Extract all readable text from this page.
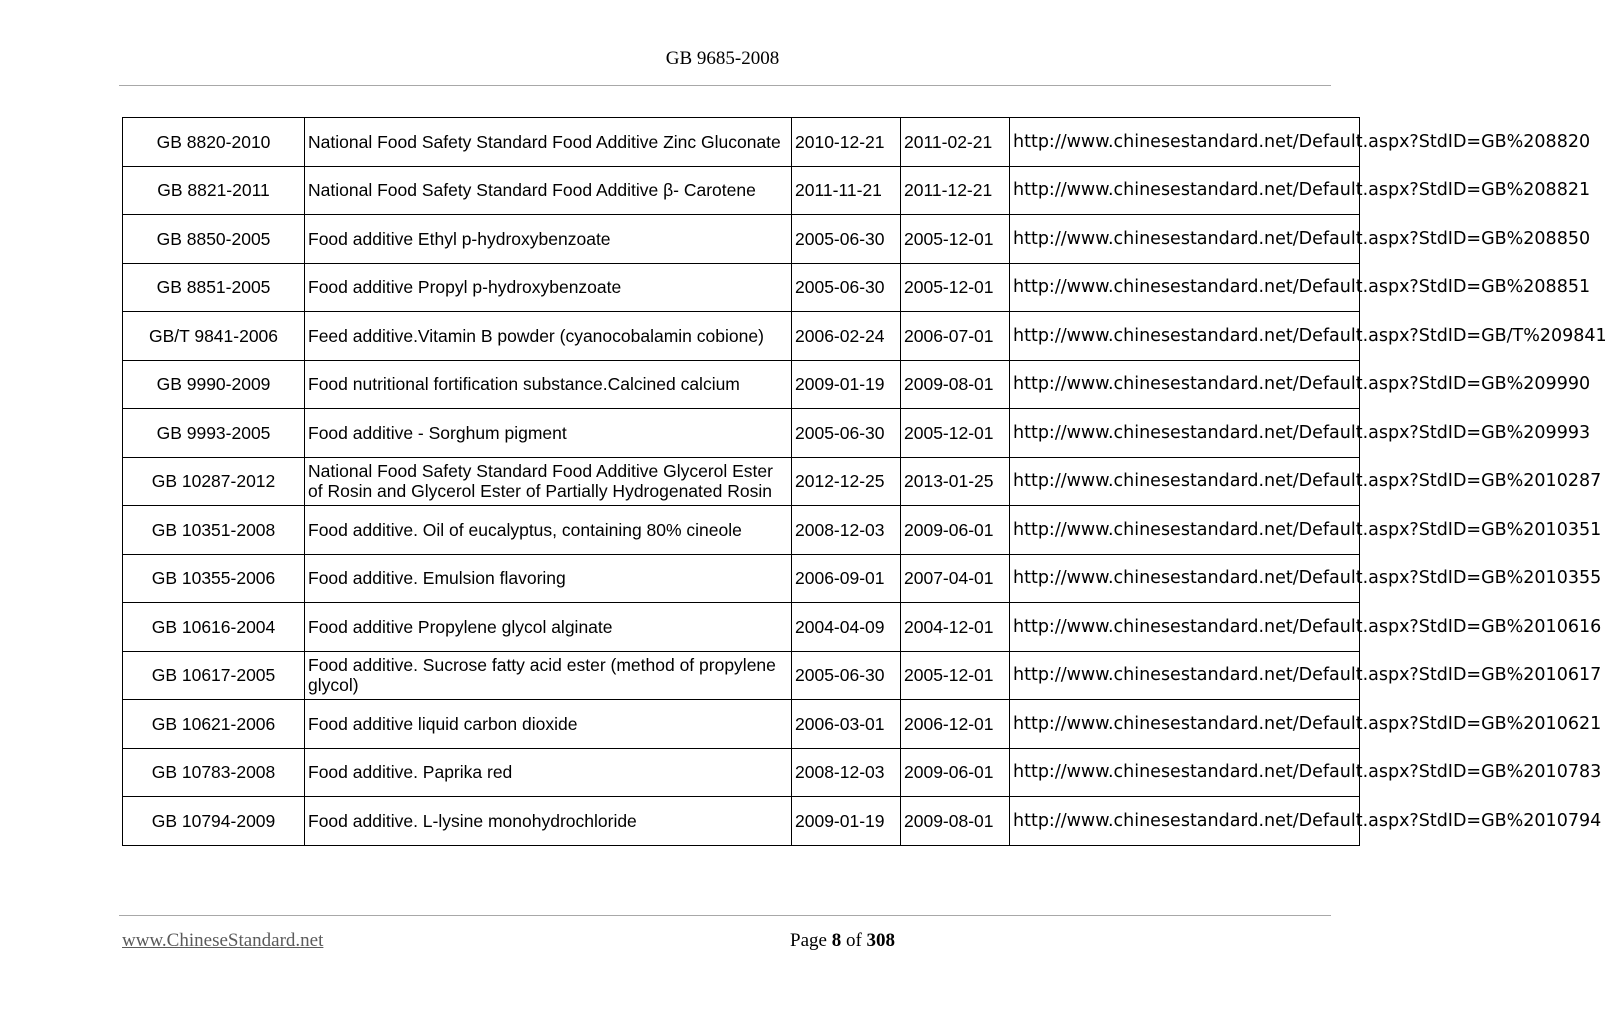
GB 9685-2008
GB 8820-2010	National Food Safety Standard Food Additive Zinc Gluconate	2010-12-21	2011-02-21	http://www.chinesestandard.net/Default.aspx?StdID=GB%208820
GB 8821-2011	National Food Safety Standard Food Additive β- Carotene	2011-11-21	2011-12-21	http://www.chinesestandard.net/Default.aspx?StdID=GB%208821
GB 8850-2005	Food additive Ethyl p-hydroxybenzoate	2005-06-30	2005-12-01	http://www.chinesestandard.net/Default.aspx?StdID=GB%208850
GB 8851-2005	Food additive Propyl p-hydroxybenzoate	2005-06-30	2005-12-01	http://www.chinesestandard.net/Default.aspx?StdID=GB%208851
GB/T 9841-2006	Feed additive.Vitamin B powder (cyanocobalamin cobione)	2006-02-24	2006-07-01	http://www.chinesestandard.net/Default.aspx?StdID=GB/T%209841
GB 9990-2009	Food nutritional fortification substance.Calcined calcium	2009-01-19	2009-08-01	http://www.chinesestandard.net/Default.aspx?StdID=GB%209990
GB 9993-2005	Food additive - Sorghum pigment	2005-06-30	2005-12-01	http://www.chinesestandard.net/Default.aspx?StdID=GB%209993
GB 10287-2012	National Food Safety Standard Food Additive Glycerol Ester of Rosin and Glycerol Ester of Partially Hydrogenated Rosin	2012-12-25	2013-01-25	http://www.chinesestandard.net/Default.aspx?StdID=GB%2010287
GB 10351-2008	Food additive. Oil of eucalyptus, containing 80% cineole	2008-12-03	2009-06-01	http://www.chinesestandard.net/Default.aspx?StdID=GB%2010351
GB 10355-2006	Food additive. Emulsion flavoring	2006-09-01	2007-04-01	http://www.chinesestandard.net/Default.aspx?StdID=GB%2010355
GB 10616-2004	Food additive Propylene glycol alginate	2004-04-09	2004-12-01	http://www.chinesestandard.net/Default.aspx?StdID=GB%2010616
GB 10617-2005	Food additive. Sucrose fatty acid ester (method of propylene glycol)	2005-06-30	2005-12-01	http://www.chinesestandard.net/Default.aspx?StdID=GB%2010617
GB 10621-2006	Food additive liquid carbon dioxide	2006-03-01	2006-12-01	http://www.chinesestandard.net/Default.aspx?StdID=GB%2010621
GB 10783-2008	Food additive. Paprika red	2008-12-03	2009-06-01	http://www.chinesestandard.net/Default.aspx?StdID=GB%2010783
GB 10794-2009	Food additive. L-lysine monohydrochloride	2009-01-19	2009-08-01	http://www.chinesestandard.net/Default.aspx?StdID=GB%2010794
www.ChineseStandard.net	Page 8 of 308
